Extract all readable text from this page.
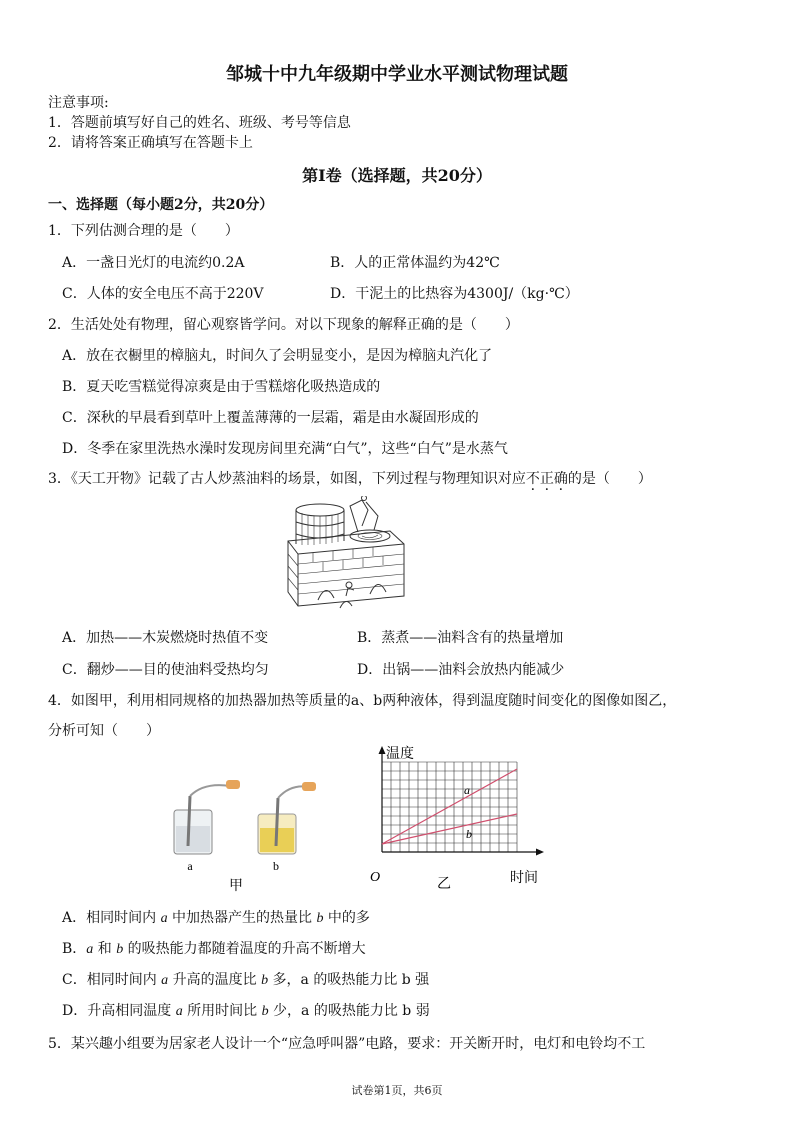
邹城十中九年级期中学业水平测试物理试题
注意事项:
1．答题前填写好自己的姓名、班级、考号等信息
2．请将答案正确填写在答题卡上
第I卷（选择题，共20分）
一、选择题（每小题2分，共20分）
1．下列估测合理的是（　　）
A．一盏日光灯的电流约0.2A	B．人的正常体温约为42℃
C．人体的安全电压不高于220V	D．干泥土的比热容为4300J/（kg·℃）
2．生活处处有物理，留心观察皆学问。对以下现象的解释正确的是（　　）
A．放在衣橱里的樟脑丸，时间久了会明显变小，是因为樟脑丸汽化了
B．夏天吃雪糕觉得凉爽是由于雪糕熔化吸热造成的
C．深秋的早晨看到草叶上覆盖薄薄的一层霜，霜是由水凝固形成的
D．冬季在家里洗热水澡时发现房间里充满“白气”，这些“白气”是水蒸气
3．《天工开物》记载了古人炒蒸油料的场景，如图，下列过程与物理知识对应不正确的是（　　）
A．加热——木炭燃烧时热值不变	B．蒸煮——油料含有的热量增加
C．翻炒——目的使油料受热均匀	D．出锅——油料会放热内能减少
4．如图甲，利用相同规格的加热器加热等质量的a、b两种液体，得到温度随时间变化的图像如图乙，
分析可知（　　）
a	b
甲
a
b
温度
时间
O	乙
A．相同时间内 a 中加热器产生的热量比 b 中的多
B．a 和 b 的吸热能力都随着温度的升高不断增大
C．相同时间内 a 升高的温度比 b 多，a 的吸热能力比 b 强
D．升高相同温度 a 所用时间比 b 少，a 的吸热能力比 b 弱
5．某兴趣小组要为居家老人设计一个“应急呼叫器”电路，要求：开关断开时，电灯和电铃均不工
试卷第1页，共6页
